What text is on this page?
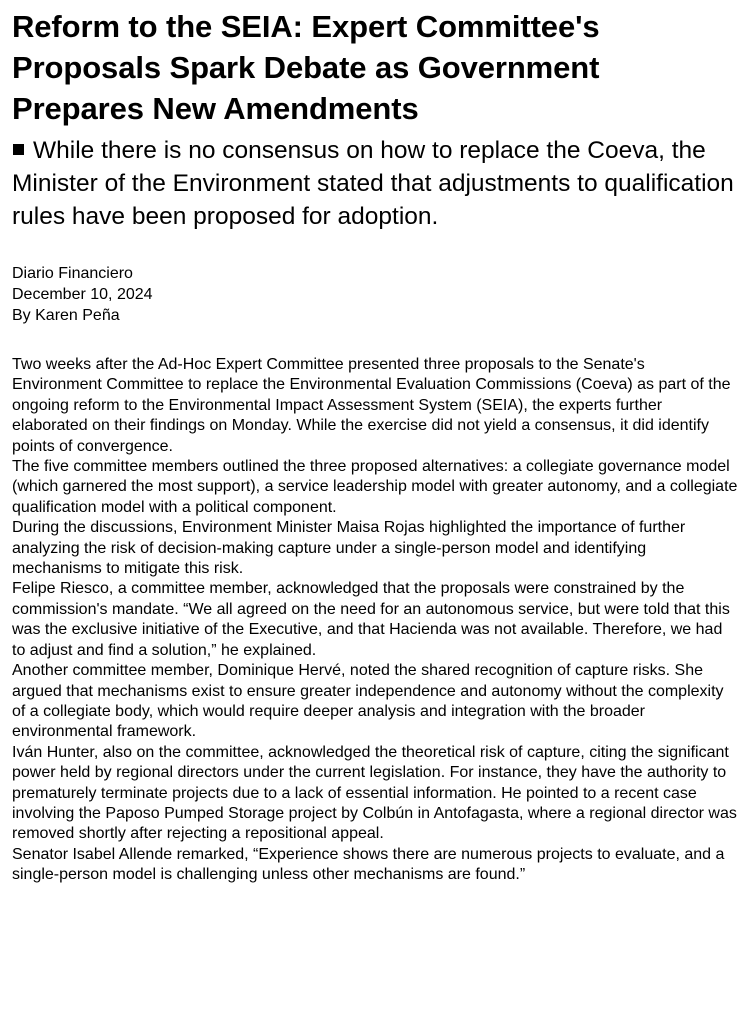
Reform to the SEIA: Expert Committee's Proposals Spark Debate as Government Prepares New Amendments

While there is no consensus on how to replace the Coeva, the Minister of the Environment stated that adjustments to qualification rules have been proposed for adoption.

Diario Financiero
December 10, 2024
By Karen Peña

Two weeks after the Ad-Hoc Expert Committee presented three proposals to the Senate's Environment Committee to replace the Environmental Evaluation Commissions (Coeva) as part of the ongoing reform to the Environmental Impact Assessment System (SEIA), the experts further elaborated on their findings on Monday. While the exercise did not yield a consensus, it did identify points of convergence.

The five committee members outlined the three proposed alternatives: a collegiate governance model (which garnered the most support), a service leadership model with greater autonomy, and a collegiate qualification model with a political component.

During the discussions, Environment Minister Maisa Rojas highlighted the importance of further analyzing the risk of decision-making capture under a single-person model and identifying mechanisms to mitigate this risk.

Felipe Riesco, a committee member, acknowledged that the proposals were constrained by the commission's mandate. “We all agreed on the need for an autonomous service, but were told that this was the exclusive initiative of the Executive, and that Hacienda was not available. Therefore, we had to adjust and find a solution,” he explained.

Another committee member, Dominique Hervé, noted the shared recognition of capture risks. She argued that mechanisms exist to ensure greater independence and autonomy without the complexity of a collegiate body, which would require deeper analysis and integration with the broader environmental framework.

Iván Hunter, also on the committee, acknowledged the theoretical risk of capture, citing the significant power held by regional directors under the current legislation. For instance, they have the authority to prematurely terminate projects due to a lack of essential information. He pointed to a recent case involving the Paposo Pumped Storage project by Colbún in Antofagasta, where a regional director was removed shortly after rejecting a repositional appeal.

Senator Isabel Allende remarked, “Experience shows there are numerous projects to evaluate, and a single-person model is challenging unless other mechanisms are found.”
